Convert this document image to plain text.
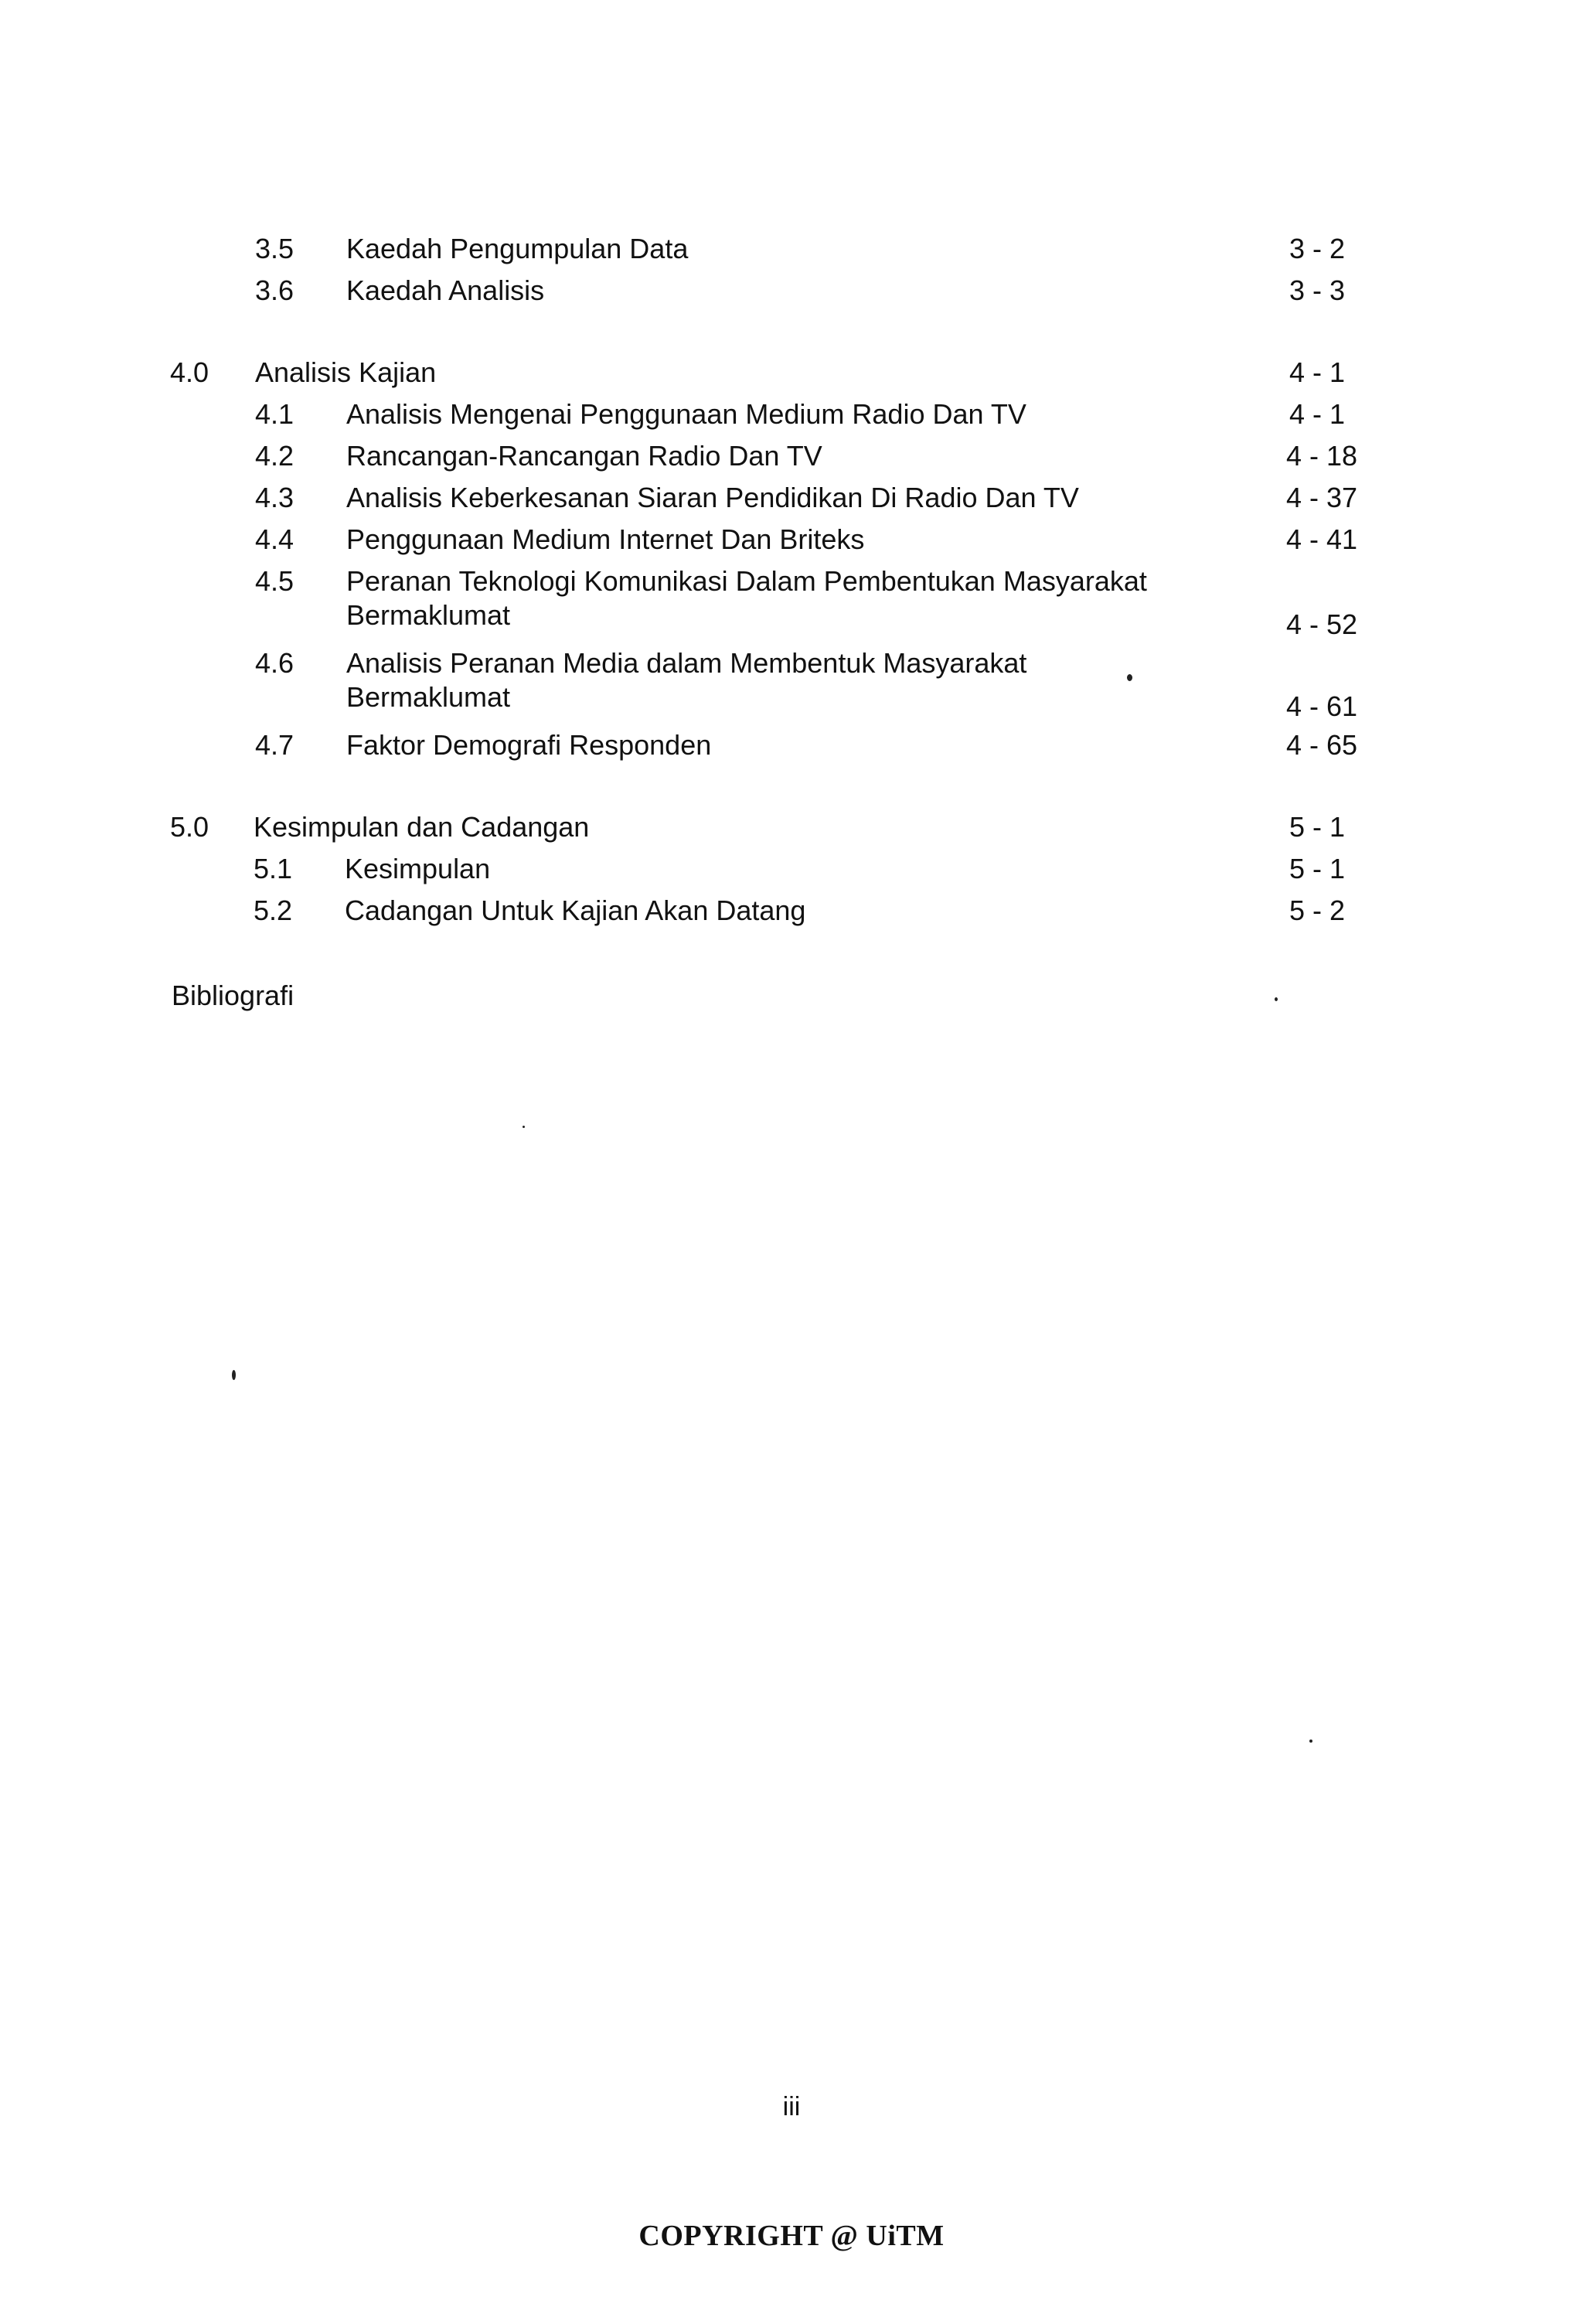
3.5 Kaedah Pengumpulan Data	3 - 2
3.6 Kaedah Analisis	3 - 3
4.0 Analisis Kajian	4 - 1
4.1 Analisis Mengenai Penggunaan Medium Radio Dan TV	4 - 1
4.2 Rancangan-Rancangan Radio Dan TV	4 - 18
4.3 Analisis Keberkesanan Siaran Pendidikan Di Radio Dan TV	4 - 37
4.4 Penggunaan Medium Internet Dan Briteks	4 - 41
4.5 Peranan Teknologi Komunikasi Dalam Pembentukan Masyarakat
Bermaklumat	4 - 52
4.6 Analisis Peranan Media dalam Membentuk Masyarakat
Bermaklumat	4 - 61
4.7 Faktor Demografi Responden	4 - 65
5.0 Kesimpulan dan Cadangan	5 - 1
5.1 Kesimpulan	5 - 1
5.2 Cadangan Untuk Kajian Akan Datang	5 - 2
Bibliografi
iii
COPYRIGHT @ UiTM
